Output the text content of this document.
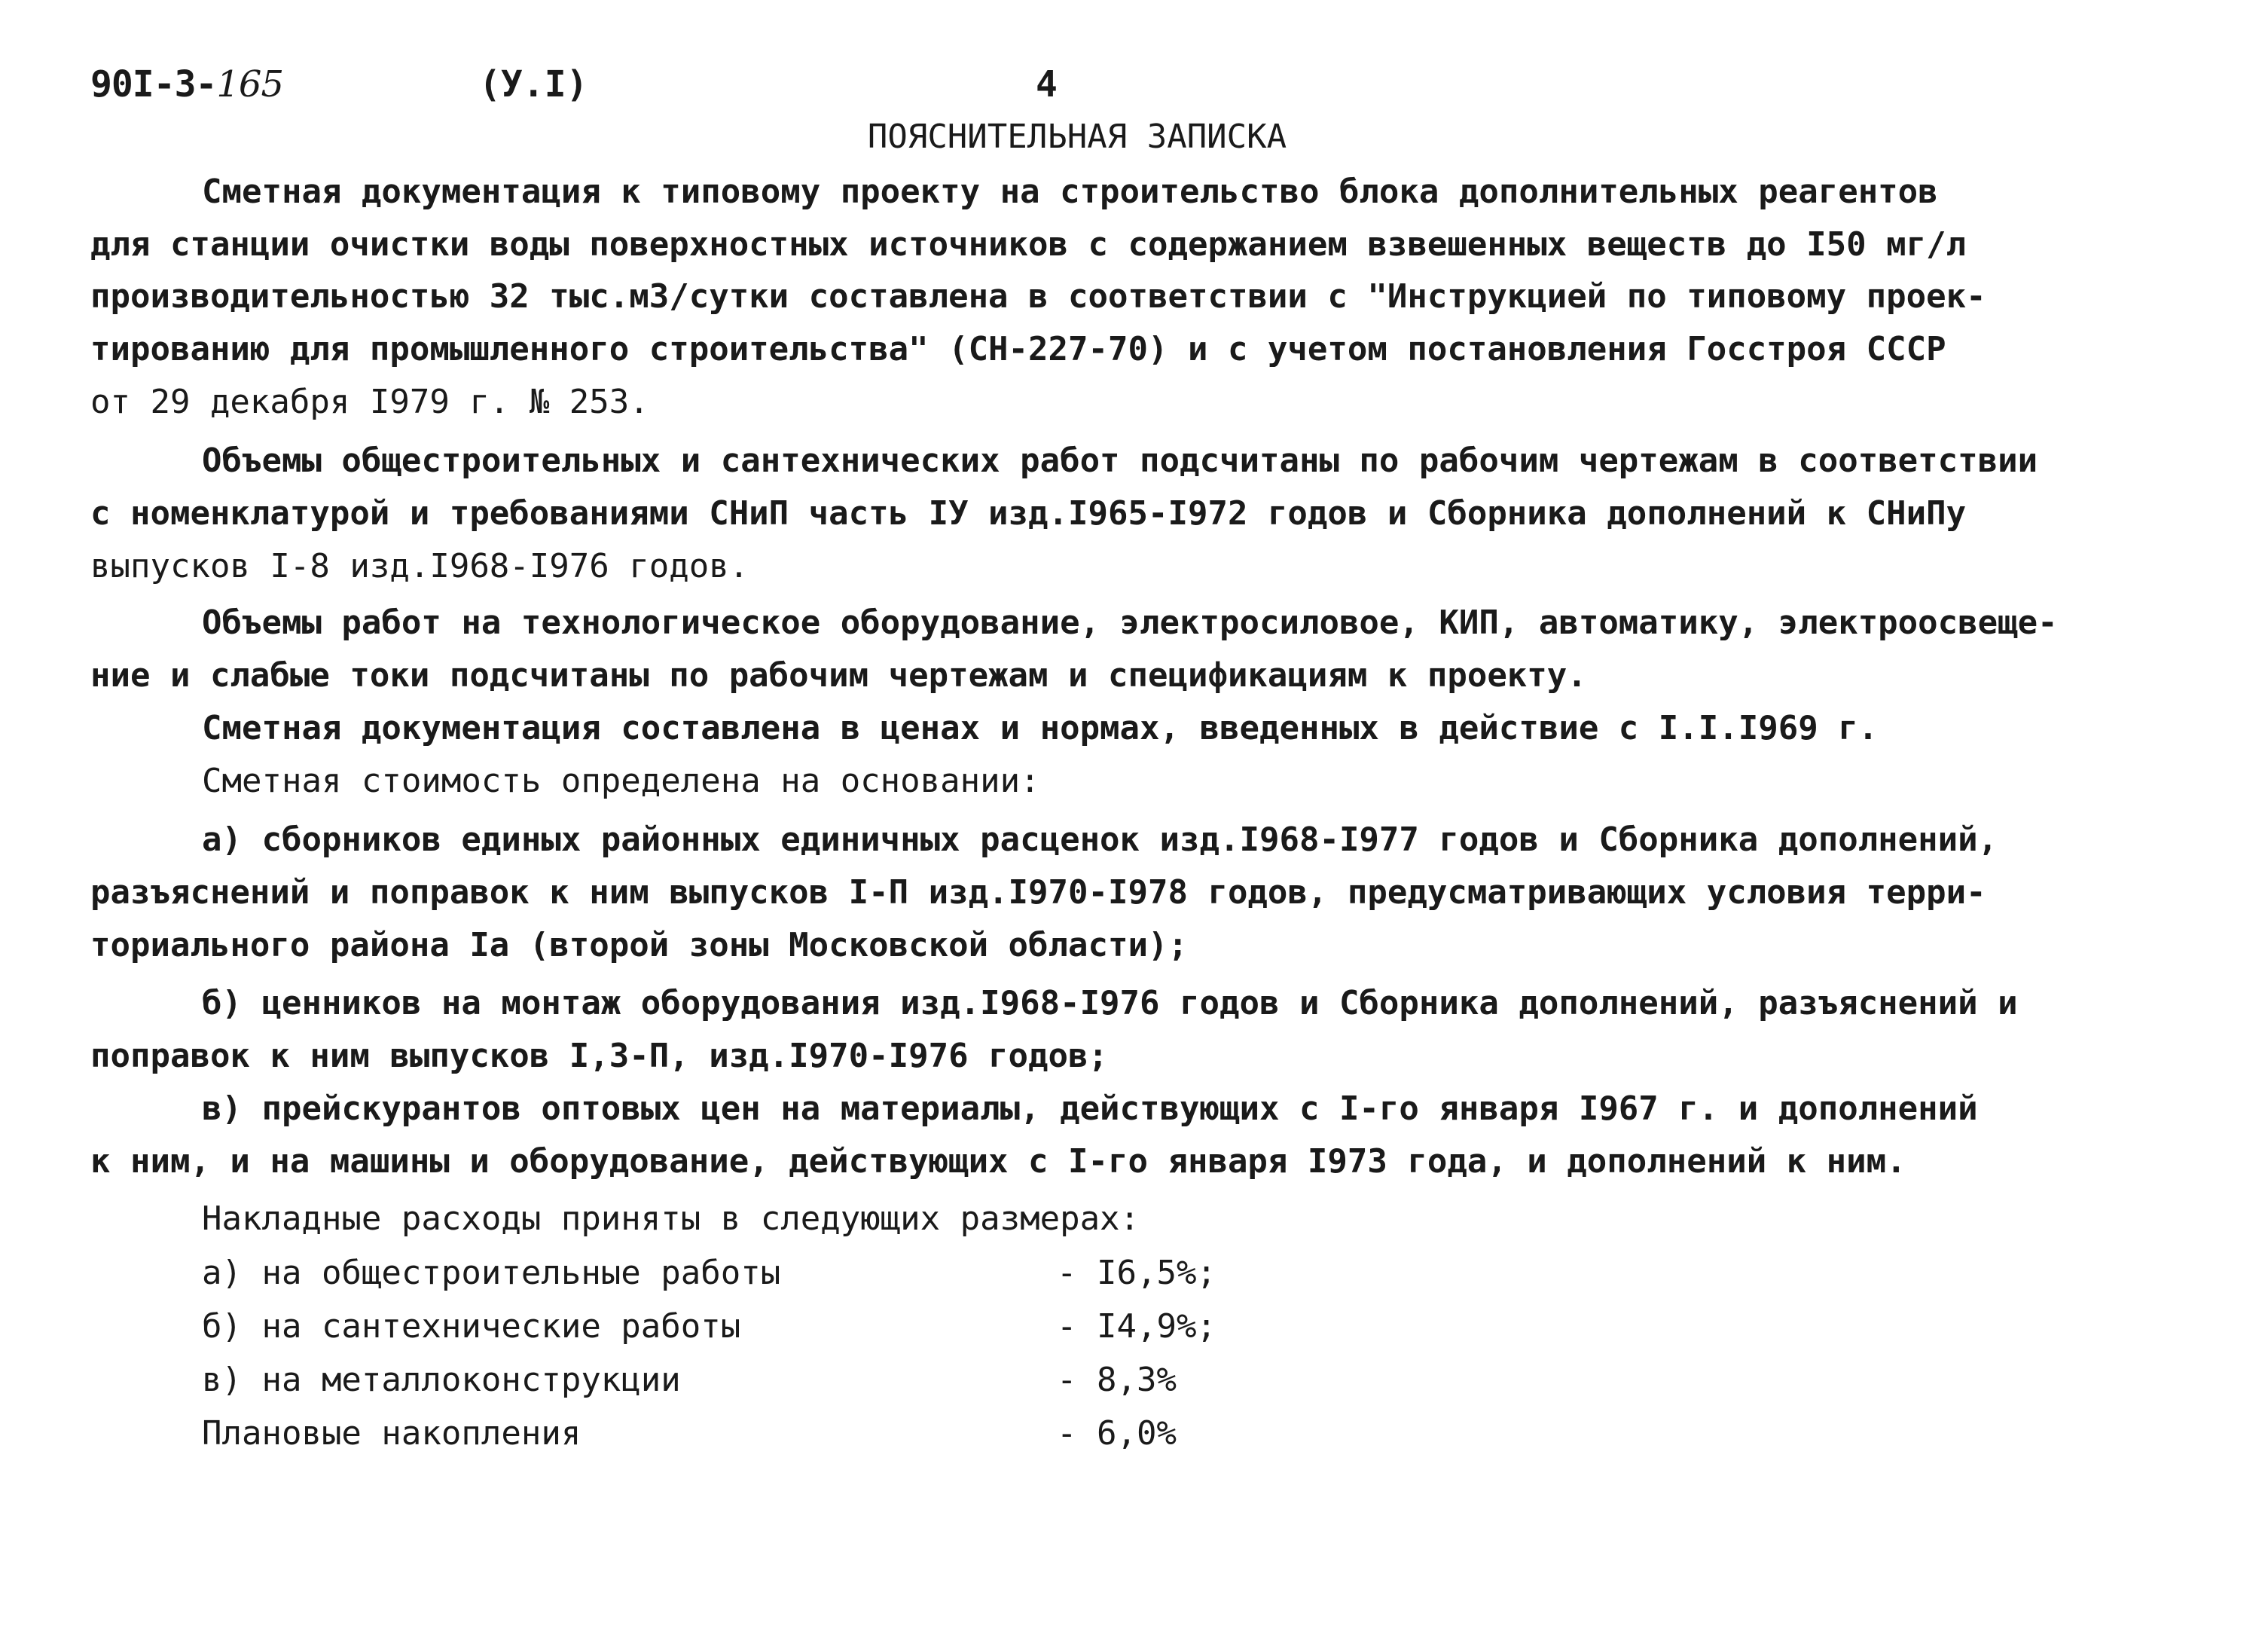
90I-3-165	(У.I)	4
ПОЯСНИТЕЛЬНАЯ ЗАПИСКА
Сметная документация к типовому проекту на строительство блока дополнительных реагентов
для станции очистки воды поверхностных источников с содержанием взвешенных веществ до I50 мг/л
производительностью 32 тыс.м3/сутки составлена в соответствии с "Инструкцией по типовому проек-
тированию для промышленного строительства" (СН-227-70) и с учетом постановления Госстроя СССР
от 29 декабря I979 г. № 253.
Объемы общестроительных и сантехнических работ подсчитаны по рабочим чертежам в соответствии
с номенклатурой и требованиями СНиП часть IУ изд.I965-I972 годов и Сборника дополнений к СНиПу
выпусков I-8 изд.I968-I976 годов.
Объемы работ на технологическое оборудование, электросиловое, КИП, автоматику, электроосвеще-
ние и слабые токи подсчитаны по рабочим чертежам и спецификациям к проекту.
Сметная документация составлена в ценах и нормах, введенных в действие с I.I.I969 г.
Сметная стоимость определена на основании:
а) сборников единых районных единичных расценок изд.I968-I977 годов и Сборника дополнений,
разъяснений и поправок к ним выпусков I-П изд.I970-I978 годов, предусматривающих условия терри-
ториального района Iа (второй зоны Московской области);
б) ценников на монтаж оборудования изд.I968-I976 годов и Сборника дополнений, разъяснений и
поправок к ним выпусков I,3-П, изд.I970-I976 годов;
в) прейскурантов оптовых цен на материалы, действующих с I-го января I967 г. и дополнений
к ним, и на машины и оборудование, действующих с I-го января I973 года, и дополнений к ним.
Накладные расходы приняты в следующих размерах:
а) на общестроительные работы	- I6,5%;
б) на сантехнические работы	- I4,9%;
в) на металлоконструкции	- 8,3%
Плановые накопления	- 6,0%
